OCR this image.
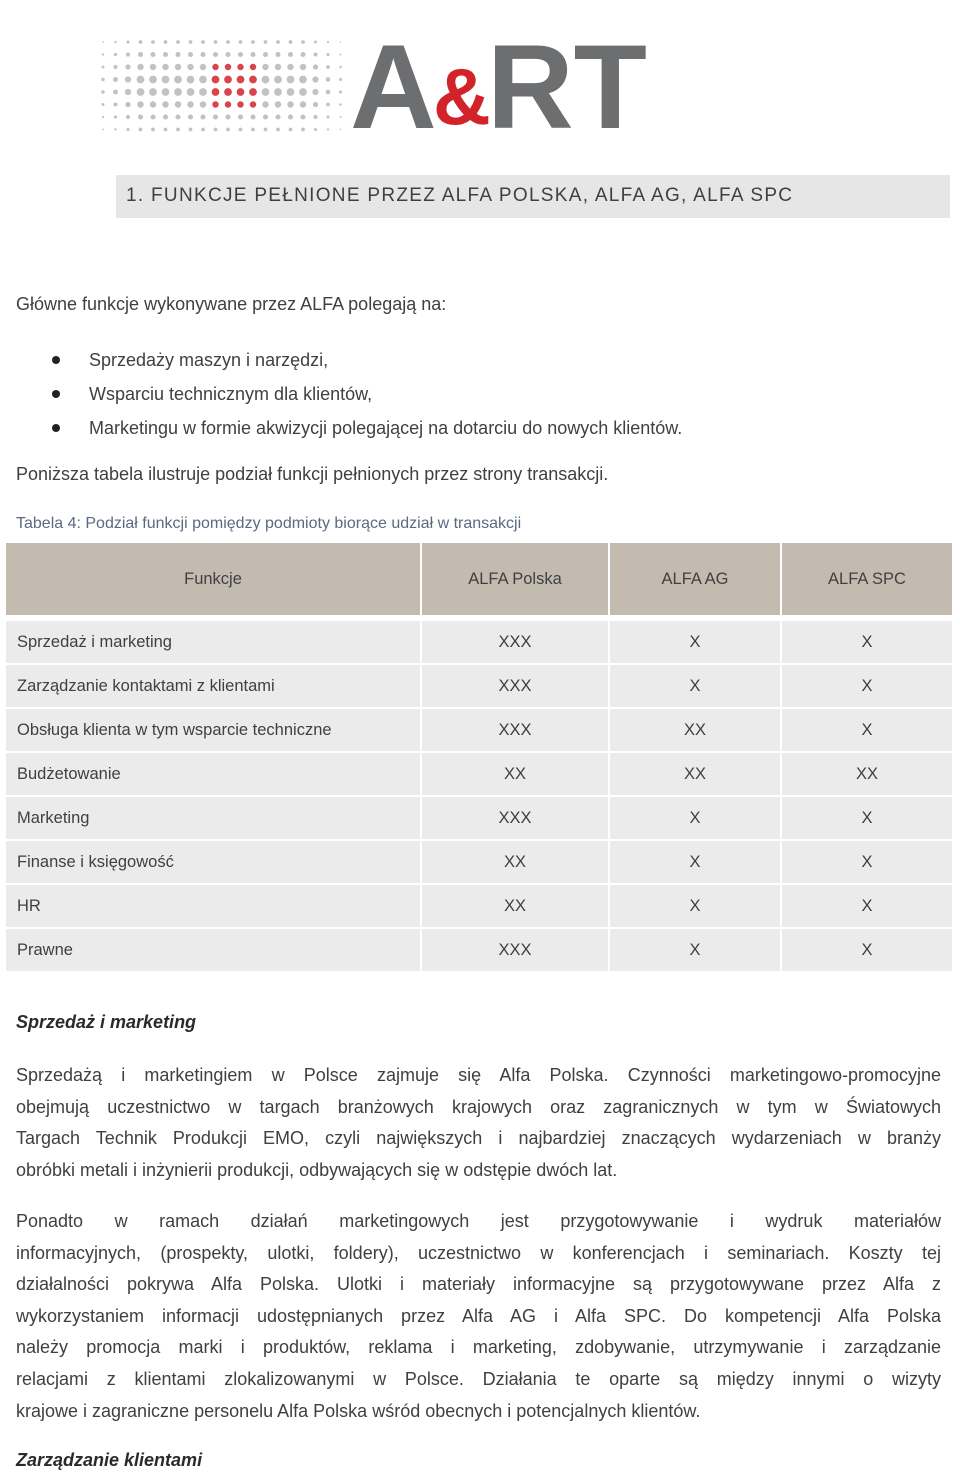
A
&
RT
1. FUNKCJE PEŁNIONE PRZEZ ALFA POLSKA, ALFA AG, ALFA SPC
Główne funkcje wykonywane przez ALFA polegają na:
Sprzedaży maszyn i narzędzi,
Wsparciu technicznym dla klientów,
Marketingu w formie akwizycji polegającej na dotarciu do nowych klientów.
Poniższa tabela ilustruje podział funkcji pełnionych przez strony transakcji.
Tabela 4: Podział funkcji pomiędzy podmioty biorące udział w transakcji
Funkcje	ALFA Polska	ALFA AG	ALFA SPC

Sprzedaż i marketing	XXX	X	X
Zarządzanie kontaktami z klientami	XXX	X	X
Obsługa klienta w tym wsparcie techniczne	XXX	XX	X
Budżetowanie	XX	XX	XX
Marketing	XXX	X	X
Finanse i księgowość	XX	X	X
HR	XX	X	X
Prawne	XXX	X	X
Sprzedaż i marketing
Sprzedażą i marketingiem w Polsce zajmuje się Alfa Polska. Czynności marketingowo-promocyjne
obejmują uczestnictwo w targach branżowych krajowych oraz zagranicznych w tym w Światowych
Targach Technik Produkcji EMO, czyli największych i najbardziej znaczących wydarzeniach w branży
obróbki metali i inżynierii produkcji, odbywających się w odstępie dwóch lat.
Ponadto w ramach działań marketingowych jest przygotowywanie i wydruk materiałów
informacyjnych, (prospekty, ulotki, foldery), uczestnictwo w konferencjach i seminariach. Koszty tej
działalności pokrywa Alfa Polska. Ulotki i materiały informacyjne są przygotowywane przez Alfa z
wykorzystaniem informacji udostępnianych przez Alfa AG i Alfa SPC. Do kompetencji Alfa Polska
należy promocja marki i produktów, reklama i marketing, zdobywanie, utrzymywanie i zarządzanie
relacjami z klientami zlokalizowanymi w Polsce. Działania te oparte są między innymi o wizyty
krajowe i zagraniczne personelu Alfa Polska wśród obecnych i potencjalnych klientów.
Zarządzanie klientami
